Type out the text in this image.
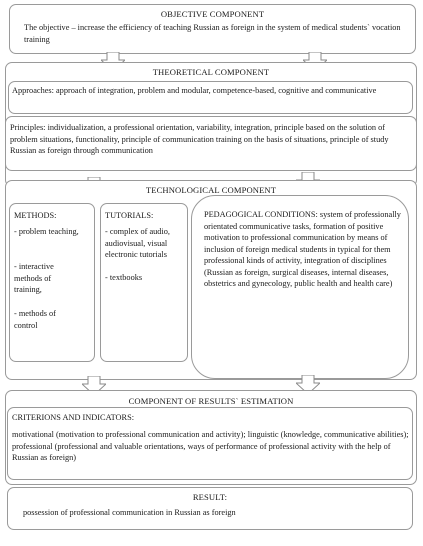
OBJECTIVE COMPONENT
The objective – increase the efficiency of teaching Russian as foreign in the system of medical students` vocation training
THEORETICAL COMPONENT
Approaches: approach of integration, problem and modular, competence-based, cognitive and communicative
Principles: individualization, a professional orientation, variability, integration, principle based on the solution of problem situations, functionality, principle of communication training on the basis of situations, principle of study Russian as foreign through communication
TECHNOLOGICAL COMPONENT
METHODS:
- problem teaching,
- interactive methods of training,
- methods of control
TUTORIALS:
- complex of audio, audiovisual, visual electronic tutorials
- textbooks
PEDAGOGICAL CONDITIONS: system of professionally orientated communicative tasks, formation of positive motivation to professional communication by means of inclusion of foreign medical students in typical for them professional kinds of activity, integration of disciplines (Russian as foreign, surgical diseases, internal diseases, obstetrics and gynecology, public health and health care)
COMPONENT OF RESULTS` ESTIMATION
CRITERIONS AND INDICATORS:
motivational (motivation to professional communication and activity); linguistic (knowledge, communicative abilities); professional (professional and valuable orientations, ways of performance of professional activity with the help of Russian as foreign)
RESULT:
possession of professional communication in Russian as foreign
